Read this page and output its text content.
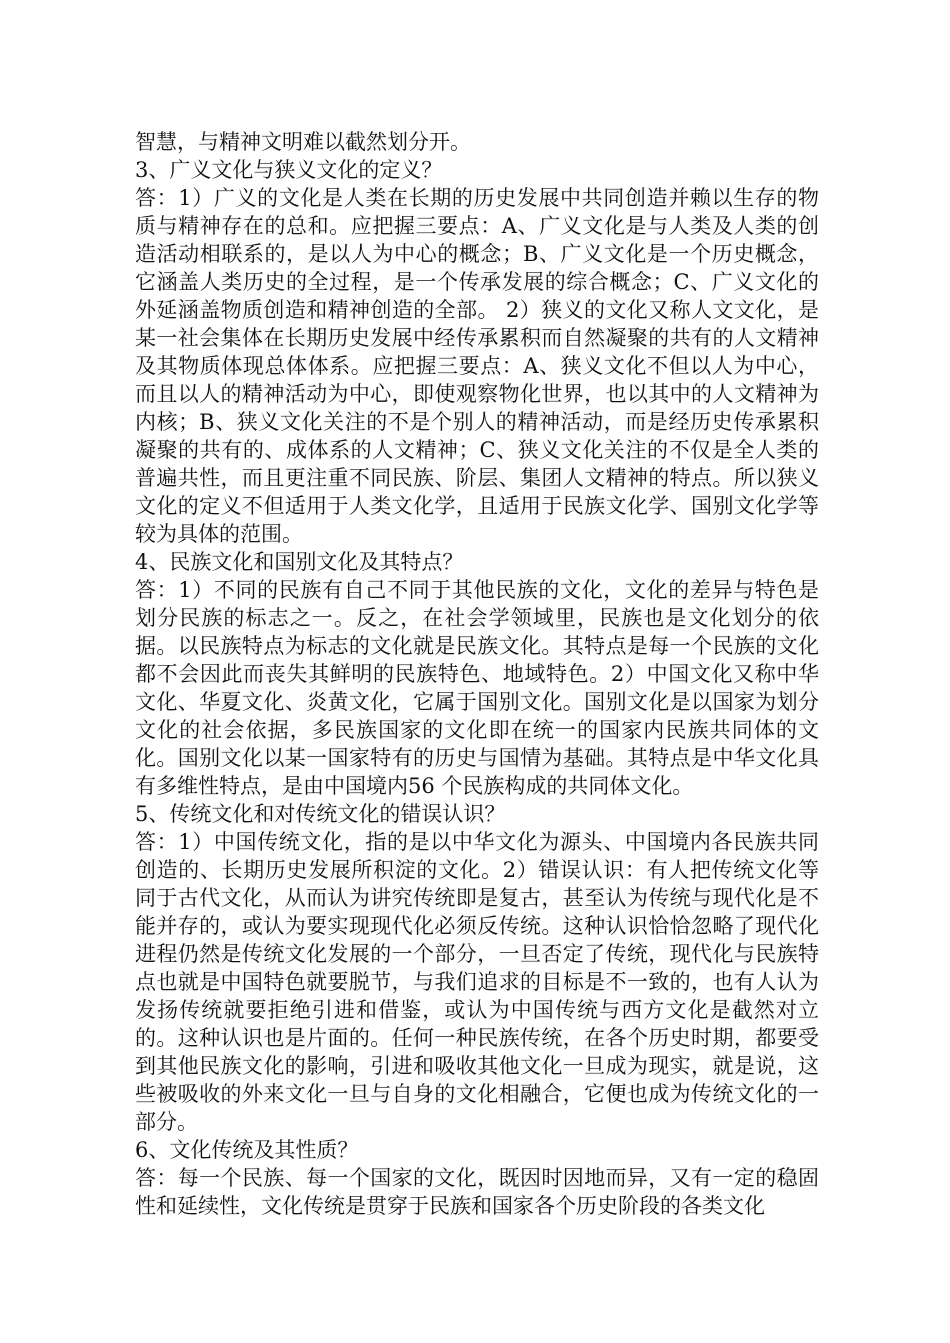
智慧，与精神文明难以截然划分开。

3、广义文化与狭义文化的定义？

答：1）广义的文化是人类在长期的历史发展中共同创造并赖以生存的物质与精神存在的总和。应把握三要点：A、广义文化是与人类及人类的创造活动相联系的，是以人为中心的概念；B、广义文化是一个历史概念，它涵盖人类历史的全过程，是一个传承发展的综合概念；C、广义文化的外延涵盖物质创造和精神创造的全部。 2）狭义的文化又称人文文化，是某一社会集体在长期历史发展中经传承累积而自然凝聚的共有的人文精神及其物质体现总体体系。应把握三要点：A、狭义文化不但以人为中心，而且以人的精神活动为中心，即使观察物化世界，也以其中的人文精神为内核；B、狭义文化关注的不是个别人的精神活动，而是经历史传承累积凝聚的共有的、成体系的人文精神；C、狭义文化关注的不仅是全人类的普遍共性，而且更注重不同民族、阶层、集团人文精神的特点。所以狭义文化的定义不但适用于人类文化学，且适用于民族文化学、国别文化学等较为具体的范围。

4、民族文化和国别文化及其特点？

答：1）不同的民族有自己不同于其他民族的文化，文化的差异与特色是划分民族的标志之一。反之，在社会学领域里，民族也是文化划分的依据。以民族特点为标志的文化就是民族文化。其特点是每一个民族的文化都不会因此而丧失其鲜明的民族特色、地域特色。2）中国文化又称中华文化、华夏文化、炎黄文化，它属于国别文化。国别文化是以国家为划分文化的社会依据，多民族国家的文化即在统一的国家内民族共同体的文化。国别文化以某一国家特有的历史与国情为基础。其特点是中华文化具有多维性特点，是由中国境内56 个民族构成的共同体文化。

5、传统文化和对传统文化的错误认识？

答：1）中国传统文化，指的是以中华文化为源头、中国境内各民族共同创造的、长期历史发展所积淀的文化。2）错误认识：有人把传统文化等同于古代文化，从而认为讲究传统即是复古，甚至认为传统与现代化是不能并存的，或认为要实现现代化必须反传统。这种认识恰恰忽略了现代化进程仍然是传统文化发展的一个部分，一旦否定了传统，现代化与民族特点也就是中国特色就要脱节，与我们追求的目标是不一致的，也有人认为发扬传统就要拒绝引进和借鉴，或认为中国传统与西方文化是截然对立的。这种认识也是片面的。任何一种民族传统，在各个历史时期，都要受到其他民族文化的影响，引进和吸收其他文化一旦成为现实，就是说，这些被吸收的外来文化一旦与自身的文化相融合，它便也成为传统文化的一部分。

6、文化传统及其性质？

答：每一个民族、每一个国家的文化，既因时因地而异，又有一定的稳固性和延续性，文化传统是贯穿于民族和国家各个历史阶段的各类文化
